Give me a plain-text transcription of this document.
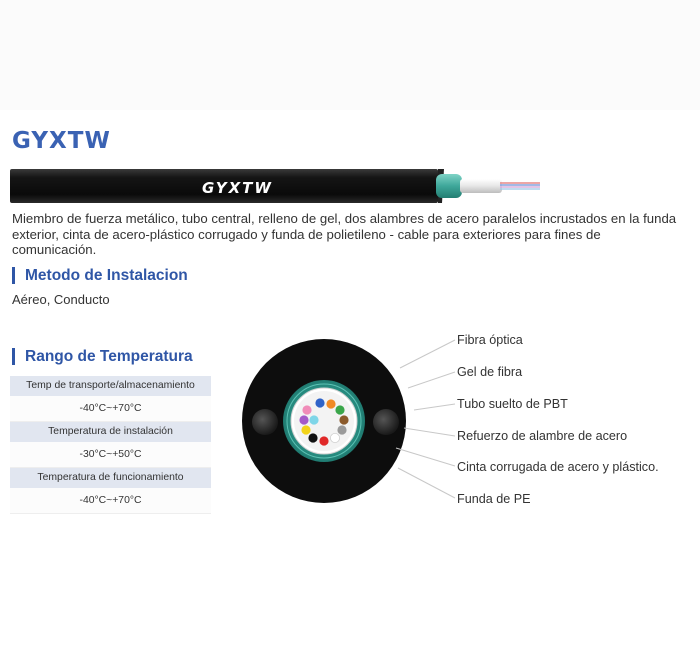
GYXTW
GYXTW

Miembro de fuerza metálico, tubo central, relleno de gel, dos alambres de acero paralelos incrustados en la funda exterior, cinta de acero-plástico corrugado y funda de polietileno - cable para exteriores para fines de comunicación.

Metodo de Instalacion

Aéreo, Conducto

Rango de Temperatura
Temp de transporte/almacenamiento
-40°C~+70°C
Temperatura de instalación
-30°C~+50°C
Temperatura de funcionamiento
-40°C~+70°C

Fibra óptica

Gel de fibra

Tubo suelto de PBT

Refuerzo de alambre de acero

Cinta corrugada de acero y plástico.

Funda de PE
